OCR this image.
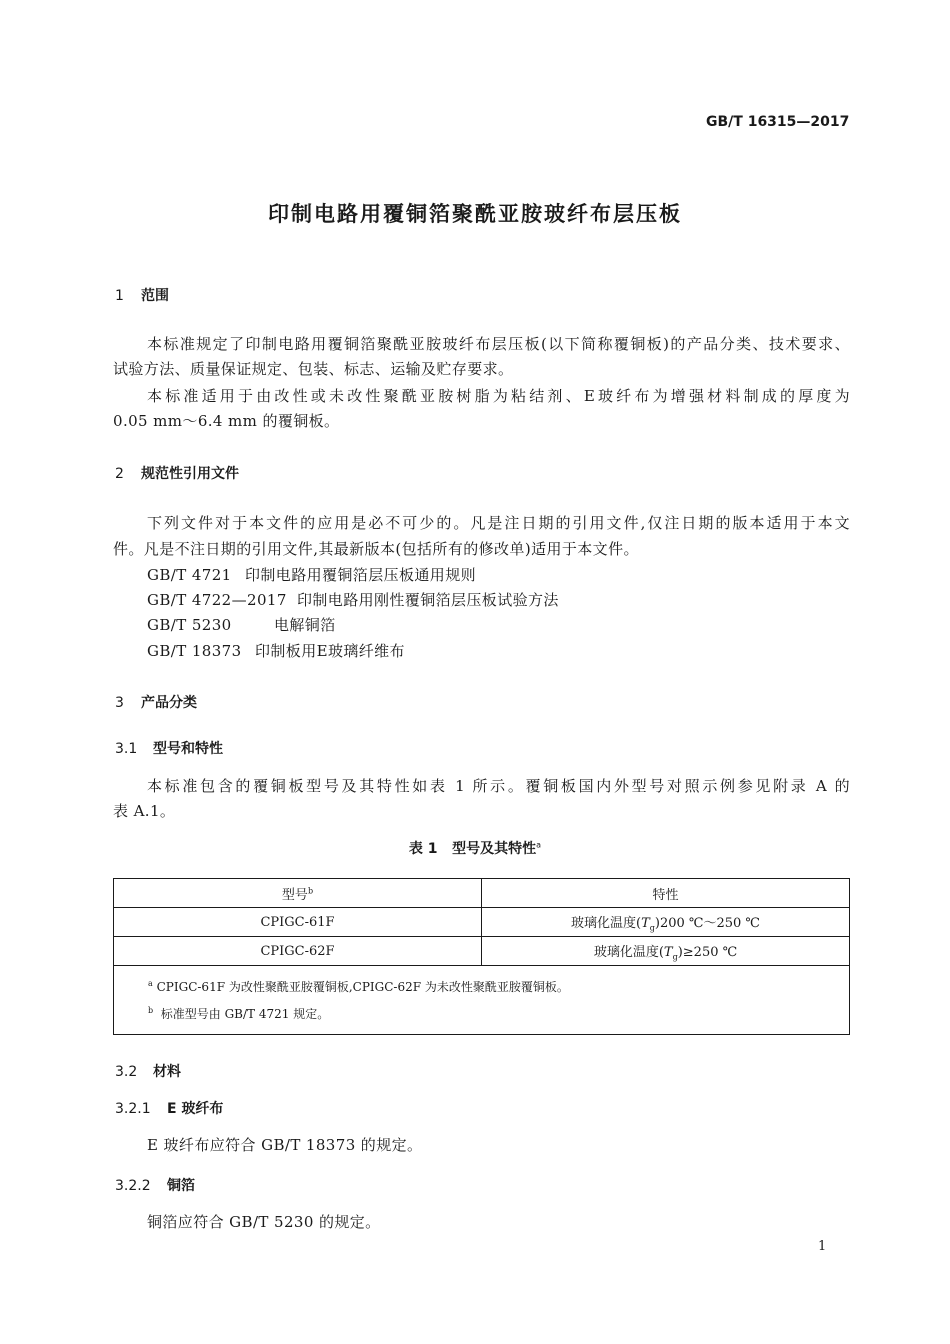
GB/T 16315—2017
印制电路用覆铜箔聚酰亚胺玻纤布层压板
1 范围

本标准规定了印制电路用覆铜箔聚酰亚胺玻纤布层压板(以下简称覆铜板)的产品分类、技术要求、

试验方法、质量保证规定、包装、标志、运输及贮存要求。

本标准适用于由改性或未改性聚酰亚胺树脂为粘结剂、E玻纤布为增强材料制成的厚度为

0.05 mm～6.4 mm 的覆铜板。

2 规范性引用文件

下列文件对于本文件的应用是必不可少的。凡是注日期的引用文件,仅注日期的版本适用于本文

件。凡是不注日期的引用文件,其最新版本(包括所有的修改单)适用于本文件。

GB/T 4721 印制电路用覆铜箔层压板通用规则
GB/T 4722—2017 印制电路用刚性覆铜箔层压板试验方法
GB/T 5230	电解铜箔
GB/T 18373 印制板用E玻璃纤维布
3 产品分类
3.1 型号和特性

本标准包含的覆铜板型号及其特性如表 1 所示。覆铜板国内外型号对照示例参见附录 A 的

表 A.1。

表 1 型号及其特性$^a$
型号$^b$	特性
CPIGC-61F	玻璃化温度$(T_g)200$ ℃～250 ℃
CPIGC-62F	玻璃化温度$(T_g)\ge 250$ ℃

$^a$ CPIGC-61F 为改性聚酰亚胺覆铜板,CPIGC-62F 为未改性聚酰亚胺覆铜板。
$^b$ 标准型号由 GB/T 4721 规定。	
3.2 材料
3.2.1 E 玻纤布

E 玻纤布应符合 GB/T 18373 的规定。

3.2.2 铜箔

铜箔应符合 GB/T 5230 的规定。

1
